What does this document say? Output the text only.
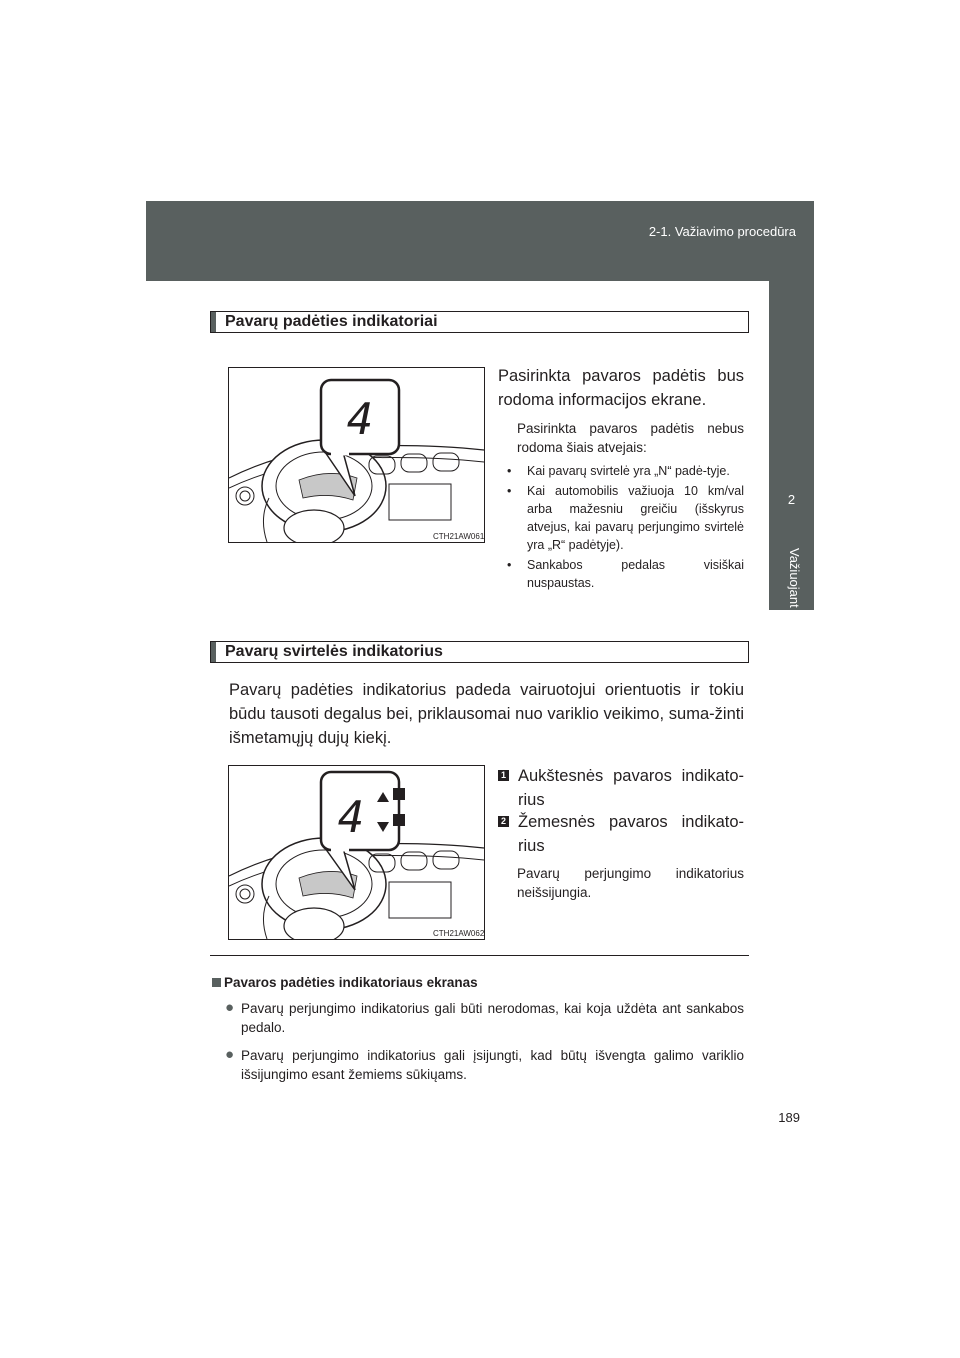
2-1. Važiavimo procedūra
2
Važiuojant
Pavarų padėties indikatoriai
4
CTH21AW061
Pasirinkta pavaros padėtis bus rodoma informacijos ekrane.
Pasirinkta pavaros padėtis nebus rodoma šiais atvejais:
• Kai pavarų svirtelė yra „N“ padė-tyje.
• Kai automobilis važiuoja 10 km/val arba mažesniu greičiu (išskyrus atvejus, kai pavarų perjungimo svirtelė yra „R“ padėtyje).
• Sankabos pedalas visiškai nuspaustas.
Pavarų svirtelės indikatorius
Pavarų padėties indikatorius padeda vairuotojui orientuotis ir tokiu būdu tausoti degalus bei, priklausomai nuo variklio veikimo, suma-žinti išmetamųjų dujų kiekį.
4
CTH21AW062
1 Aukštesnės pavaros indikato-rius
2 Žemesnės pavaros indikato-rius
Pavarų perjungimo indikatorius neišsijungia.
Pavaros padėties indikatoriaus ekranas
● Pavarų perjungimo indikatorius gali būti nerodomas, kai koja uždėta ant sankabos pedalo.
● Pavarų perjungimo indikatorius gali įsijungti, kad būtų išvengta galimo variklio išsijungimo esant žemiems sūkiųams.
189
